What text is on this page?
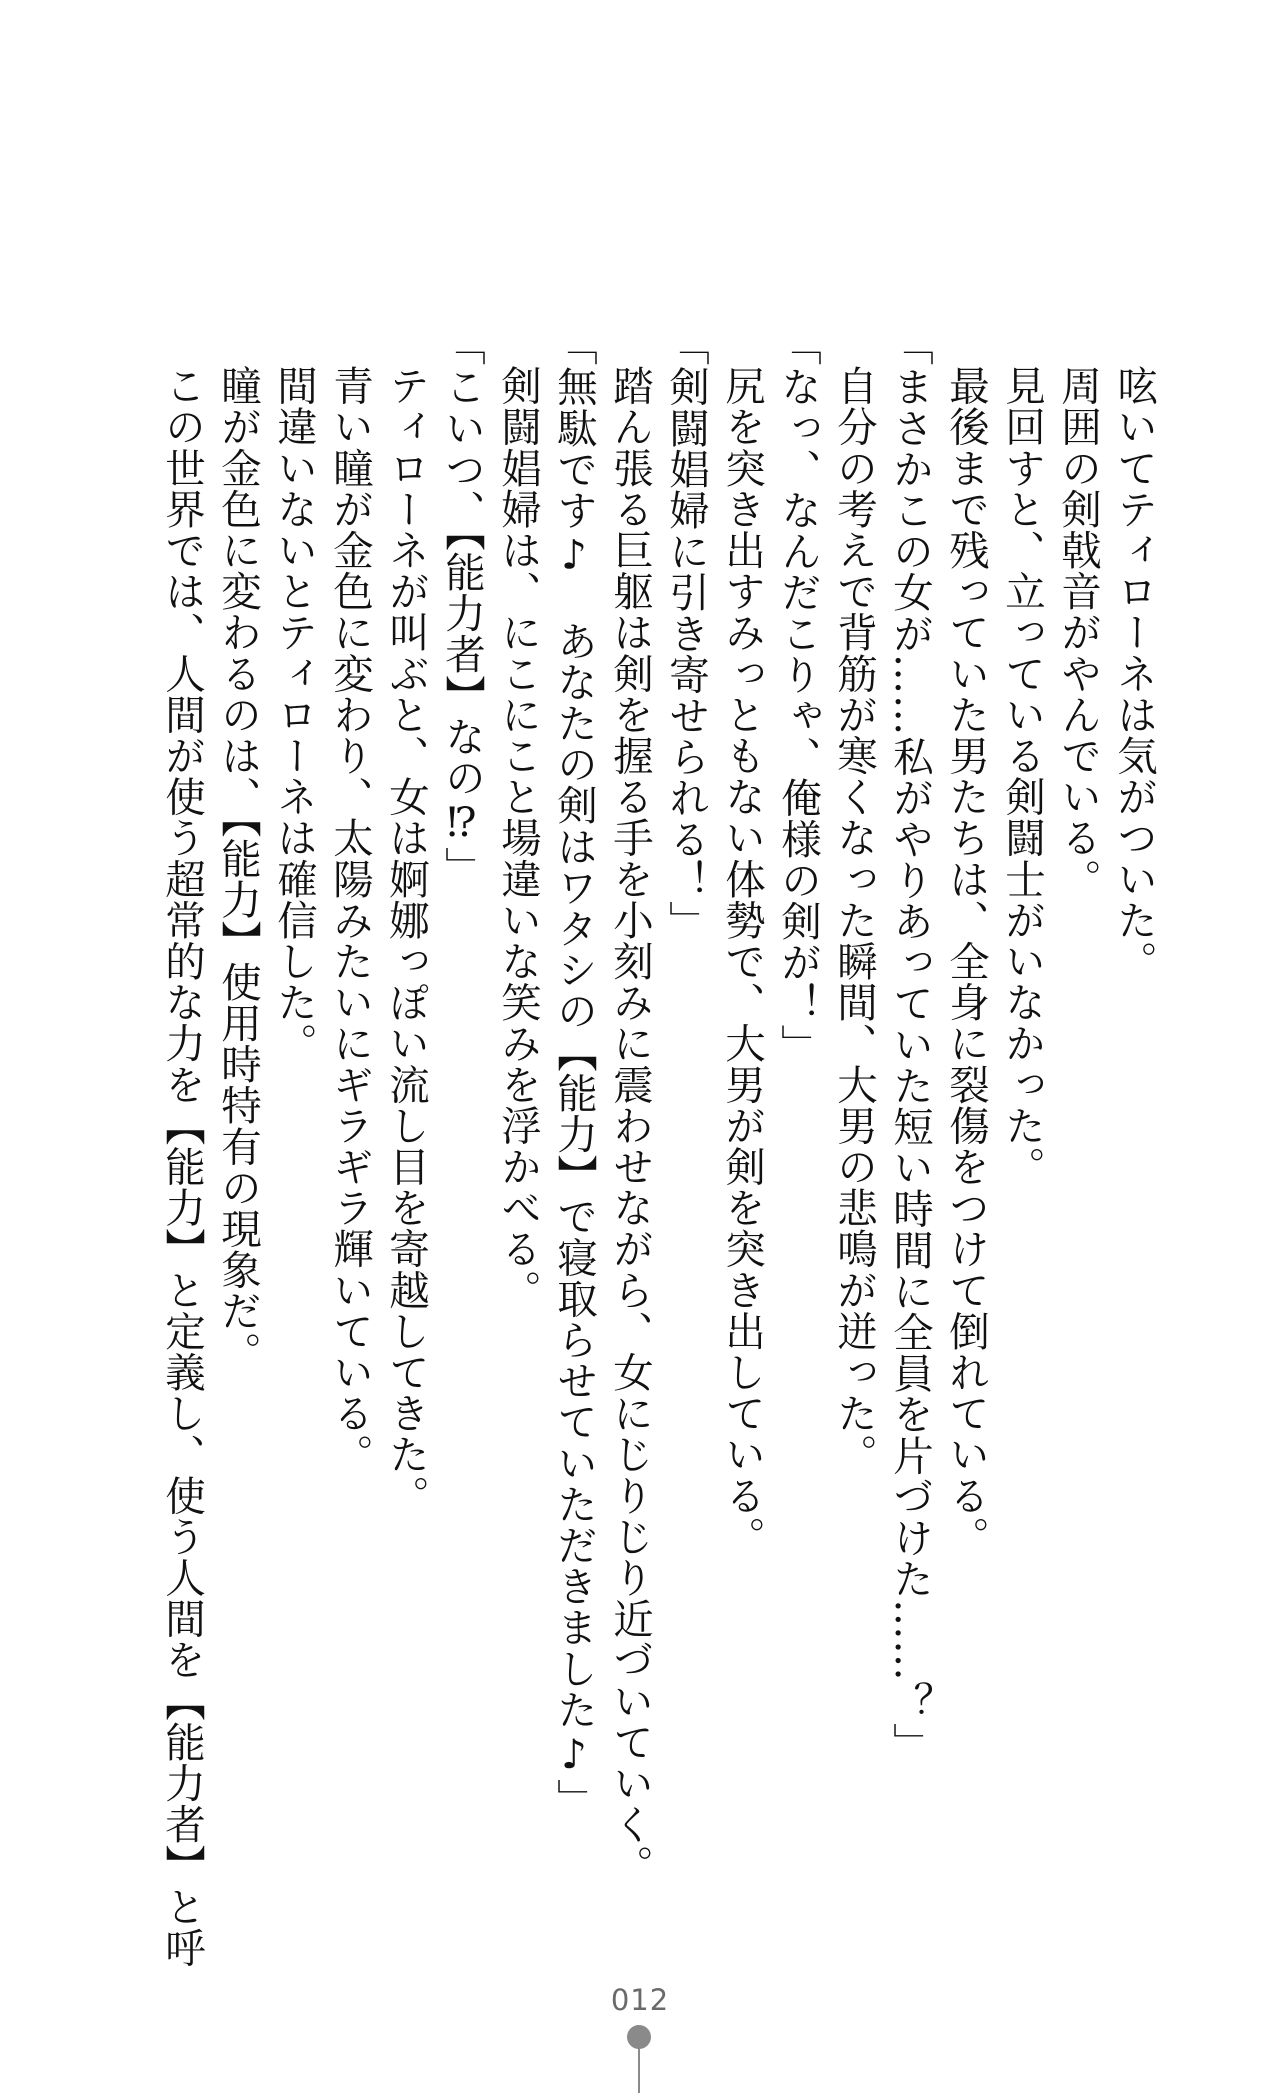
呟いてティローネは気がついた。
周囲の剣戟音がやんでいる。
見回すと、立っている剣闘士がいなかった。
最後まで残っていた男たちは、全身に裂傷をつけて倒れている。
「まさかこの女が……私がやりあっていた短い時間に全員を片づけた……？」
自分の考えで背筋が寒くなった瞬間、大男の悲鳴が迸った。
「なっ、なんだこりゃ、俺様の剣が！」
尻を突き出すみっともない体勢で、大男が剣を突き出している。
「剣闘娼婦に引き寄せられる！」
踏ん張る巨躯は剣を握る手を小刻みに震わせながら、女にじりじり近づいていく。
「無駄です♪　あなたの剣はワタシの【能力】で寝取らせていただきました♪」
剣闘娼婦は、にこにこと場違いな笑みを浮かべる。
「こいつ、【能力者】なの⁉」
ティローネが叫ぶと、女は婀娜っぽい流し目を寄越してきた。
青い瞳が金色に変わり、太陽みたいにギラギラ輝いている。
間違いないとティローネは確信した。
瞳が金色に変わるのは、【能力】使用時特有の現象だ。
この世界では、人間が使う超常的な力を【能力】と定義し、使う人間を【能力者】と呼
012
